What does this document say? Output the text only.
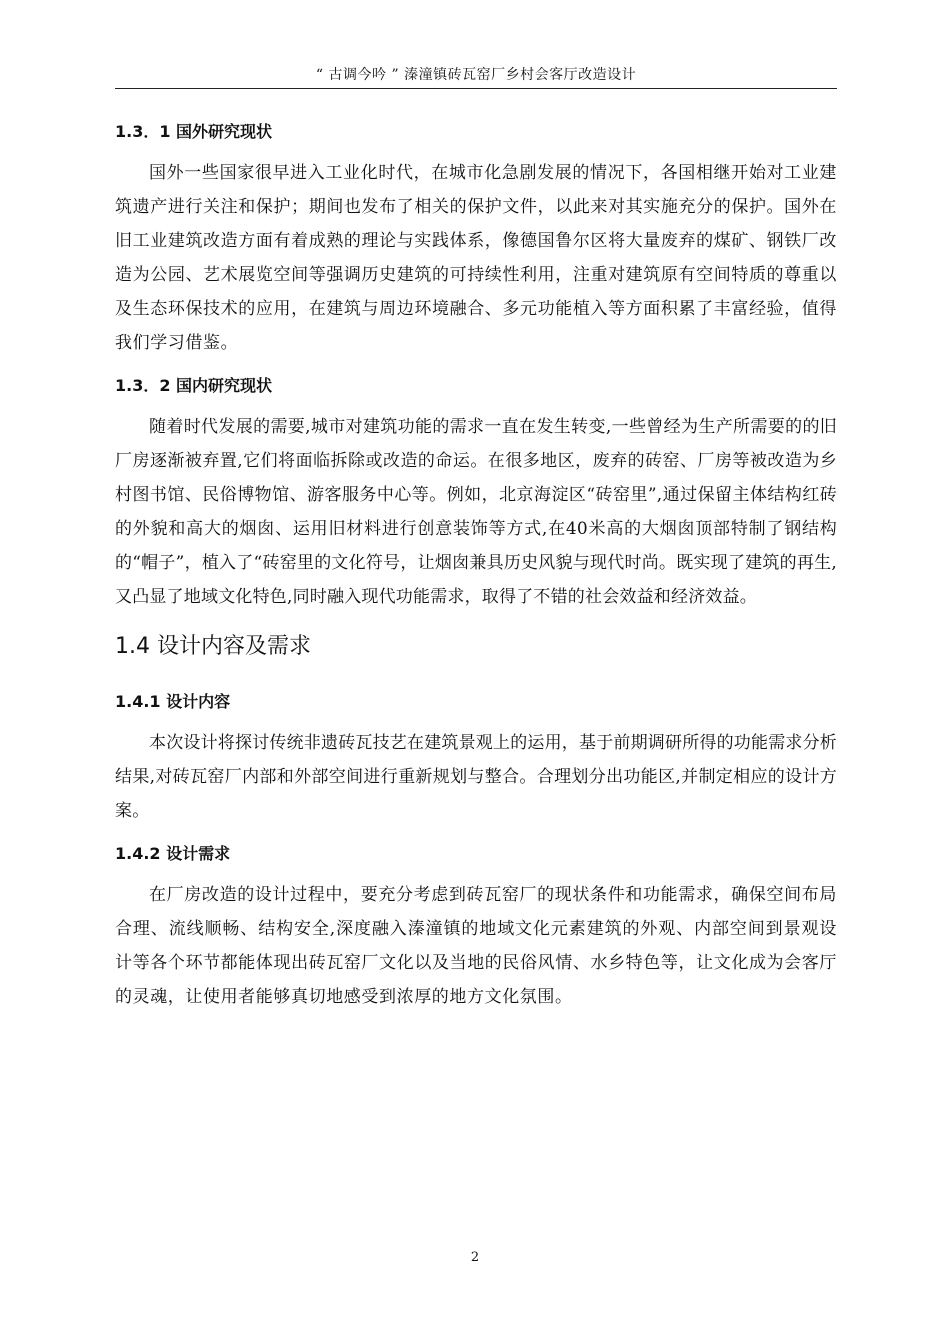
“ 古调今吟 ” 溱潼镇砖瓦窑厂乡村会客厅改造设计
1.3．1 国外研究现状

国外一些国家很早进入工业化时代，在城市化急剧发展的情况下，各国相继开始对工业建筑遗产进行关注和保护；期间也发布了相关的保护文件，以此来对其实施充分的保护。国外在旧工业建筑改造方面有着成熟的理论与实践体系，像德国鲁尔区将大量废弃的煤矿、钢铁厂改造为公园、艺术展览空间等强调历史建筑的可持续性利用，注重对建筑原有空间特质的尊重以及生态环保技术的应用，在建筑与周边环境融合、多元功能植入等方面积累了丰富经验，值得我们学习借鉴。

1.3．2 国内研究现状

随着时代发展的需要,城市对建筑功能的需求一直在发生转变,一些曾经为生产所需要的的旧厂房逐渐被弃置,它们将面临拆除或改造的命运。在很多地区，废弃的砖窑、厂房等被改造为乡村图书馆、民俗博物馆、游客服务中心等。例如，北京海淀区“砖窑里”,通过保留主体结构红砖的外貌和高大的烟囱、运用旧材料进行创意装饰等方式,在40米高的大烟囱顶部特制了钢结构的“帽子”，植入了“砖窑里的文化符号，让烟囱兼具历史风貌与现代时尚。既实现了建筑的再生,又凸显了地域文化特色,同时融入现代功能需求，取得了不错的社会效益和经济效益。

1.4 设计内容及需求
1.4.1 设计内容

本次设计将探讨传统非遗砖瓦技艺在建筑景观上的运用，基于前期调研所得的功能需求分析结果,对砖瓦窑厂内部和外部空间进行重新规划与整合。合理划分出功能区,并制定相应的设计方案。

1.4.2 设计需求

在厂房改造的设计过程中，要充分考虑到砖瓦窑厂的现状条件和功能需求，确保空间布局合理、流线顺畅、结构安全,深度融入溱潼镇的地域文化元素建筑的外观、内部空间到景观设计等各个环节都能体现出砖瓦窑厂文化以及当地的民俗风情、水乡特色等，让文化成为会客厅的灵魂，让使用者能够真切地感受到浓厚的地方文化氛围。

2
